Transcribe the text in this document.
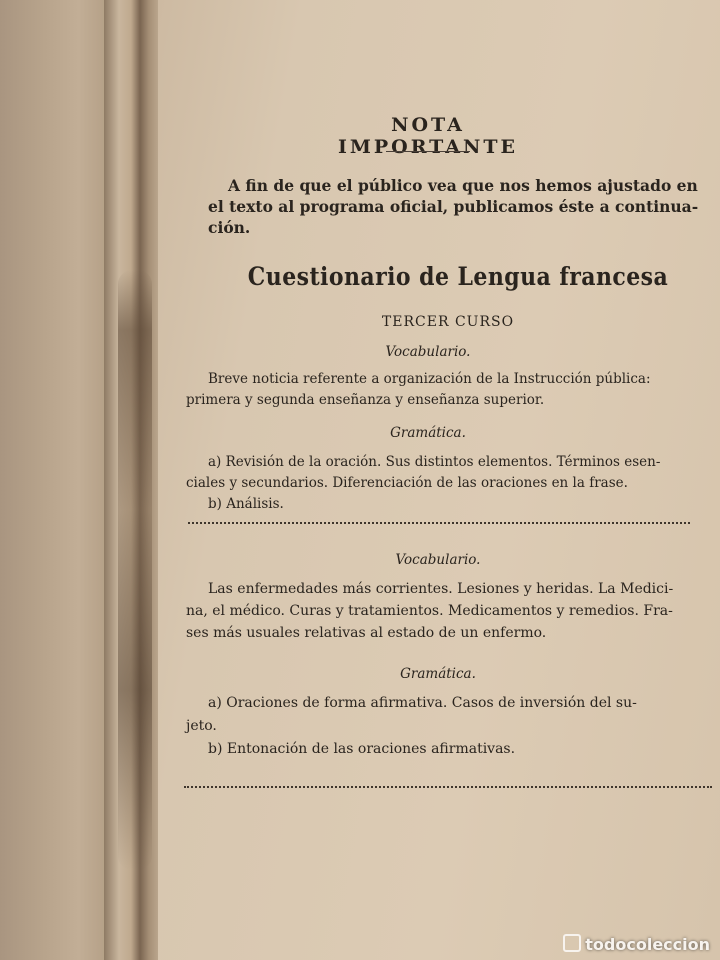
NOTA IMPORTANTE

A fin de que el público vea que nos hemos ajustado en

el texto al programa oficial, publicamos éste a continua-

ción.

Cuestionario de Lengua francesa
TERCER CURSO
Vocabulario.

Breve noticia referente a organización de la Instrucción pública:

primera y segunda enseñanza y enseñanza superior.

Gramática.

a) Revisión de la oración. Sus distintos elementos. Términos esen-

ciales y secundarios. Diferenciación de las oraciones en la frase.

b) Análisis.

Vocabulario.

Las enfermedades más corrientes. Lesiones y heridas. La Medici-

na, el médico. Curas y tratamientos. Medicamentos y remedios. Fra-

ses más usuales relativas al estado de un enfermo.

Gramática.

a) Oraciones de forma afirmativa. Casos de inversión del su-

jeto.

b) Entonación de las oraciones afirmativas.

todocoleccion
